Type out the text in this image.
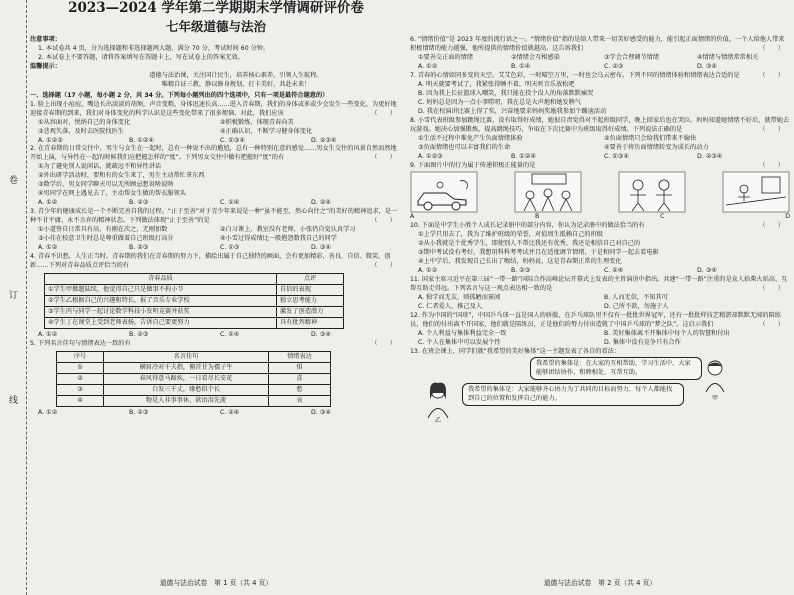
卷
订
线
2023—2024 学年第二学期期末学情调研评价卷
七年级道德与法治

注意事项：

1. 本试卷共 4 页，分为选择题和非选择题两大题，满分 70 分，考试时间 60 分钟。

2. 本试卷上不要答题，请将答案填写在答题卡上，写在试卷上的答案无效。

温馨提示：

道德与法治课，关注国计民生，培养核心素养，引领人生航程。

唯精自证三教，静以修身规划，打卡美好，共赴未来！

一、选择题（17 小题，每小题 2 分，共 34 分。下列每小题列出的四个选项中，只有一项是最符合题意的）

1. 脸上出现小痘痘，嘴边长出淡淡的胡须，声音变粗，身体迅速长高……进入青春期，我们的身体或多或少会发生一些变化。为更好地迎接青春期的到来，我们对身体变化的科学认识是这些变化带来了很多烦恼，对此，我们应该	（　　）

①从容面对，悦纳自己的身体变化	②积极锻炼，体现青春向美
③悲观失落，及时去医院找医生	④正确认识，不断学习健身体变化
A. ①②③	B. ①②④	C. ①③④	D. ②③④

2. 在青春期的日常交往中，男生与女生在一起时，总有一种说不出的尴尬，总有一种特别在意的感觉……男女生交往的风景自然而然地开始上演，与异性在一起的时候我们应把握怎样的“度”。下列男女交往中做有把握好“度”的有	（　　）

①为了避免别人说闲话，就疏远不和异性讲话

②外出研学活动时，要和有的女生来了，男生主动帮忙拿东西

③数学后，男女同学聊天可以无所顾忌想说啥说啥

④男同学在网上遇见去了，主动帮女生做的帮衣服领头

A. ①②	B. ②③	C. ①④	D. ②④

3. 青少年的健康成长是一个不断完善自我的过程。“止于至善”对于青少年来说是一种“虽不能至，然心向往之”的美好的精神追求，是一种不甘平庸、永不言弃的精神状态。下列做法体现“止于至善”的是	（　　）

①小道签自日常具有高，有刚在次之，无刚加数	②白习课上，教室没有老师，小张仍自觉认真学习
③小佳在校意卫生时总是尊重做着自己班级打高分	④小雪过得成绩比一般抱怨数我自己的同学
A. ①②	B. ②③	C. ①③	D. ③④

4. 青春不识愁，人生正当时。青春期的我们在青春期的努力下，描绘出属于自己独特的画面，会有更加精彩，善良、自信、微笑，创新……下列对青春品质点评恰当的有	（　　）

青春品质	点评
①学生甲掀题陆续，他觉得自己只是做事不拘小节	自信的表现
②学生乙根据自己的兴趣和特长，报了音乐专业学校	独立思考能力
③学生丙与同学一起讨论数学科技小发明竞赛并获奖	激发了创造潜力
④学生丁在课堂上受到老师表扬，告诉自己要更努力	具有批判精神
A. ①②	B. ②③	C. ①④	D. ③④

5. 下列名言佳句与情绪表达一致的有	（　　）

序号	名言佳句	情绪表达
①	横眉冷对千夫指，俯首甘为孺子牛	惧
②	春风得意马蹄疾，一日看尽长安花	喜
③	白发三千丈，缘愁似个长	愁
④	物是人非事事休，欲语泪先流	哀
A. ①②	B. ②③	C. ②④	D. ③④
道德与法治试卷　第 1 页（共 4 页）

6. “情绪价值”是 2023 年度的流行语之一。“情绪价值”指的是给人带来一切美好感受的能力，能引起正面情绪的价值。一个人给他人带来积极情绪的能力越强，他所提供的情绪价值就越高。这告诉我们	（　　）

①要善交正面的情绪	②情绪会互相感染	③学会合理调节情绪	④情绪与情绪常常相关
A. ①②	B. ①④	C. ②③	D. ③④

7. 青春的心情如同多变的天空，艾艾色彩，一时晴空万里，一时也会乌云密布。下列不同的情绪体验和情绪表达合适的是	（　　）

A. 明天就要考试了，我紧张得睡不着，明天听音乐放松吧

B. 因为我上长征篮球入嘲笑，我只能在投个没人的角落默默痛哭

C. 妈妈总是因为一点小事唠叨，我在总是大声地和她发脾气

D. 我在校演讲比赛上得了奖，兴奋地要求妈妈奖励我参加个蹦迪活动

8. 小雪代表班级参加跳绳比赛，没有取得好成绩，她很自责觉得对不起班级同学，晚上回家后也在哭泣。妈妈知道她情绪不好后，就带她去玩游戏。她决心加强锻炼，提高跳绳技巧，争取在下次比赛中为班级取得好成绩。下列说法正确的是	（　　）

①生活不过程中难免产生负面情绪体验	②负面情绪只会给我们带来不愉快
③负面情绪也可以丰富我们的生命	④要善于将负面情绪转变为成长的动力
A. ①②③	B. ①②④	C. ①③④	D. ②③④

9. 下面图片中的行为属于传递积极正能量的是	（　　）

A	B	C	D

10. 下面是中学生小胜个人成长记录册中的部分内容，你认为记录册中的做法恰当的有	（　　）

①上学只用去了，我为了维护班级的荣誉，对值周生抵赖自己的班级

②从小我就是个优秀学生，即使别人不帮比我还有优秀，我还是相信自己对自己的

③期中考试没有考好，我想用科科考考试并且在适度调节情绪，于是和同学一起去看电影

④上中学后，我发现自己长出了喉结，妈妈说，这是青春期正常的生理变化

A. ①②	B. ②③	C. ①④	D. ③④

11. 国家主席习近平在第三届“一带一路”国际合作高峰论坛开幕式上发表的主旨演讲中指出，共建“一带一路”注重的是众人拾柴火焰高、互帮互助走得远。下列名言与这一观点表达相一致的是	（　　）

A. 独学而无友，则孤陋而寡闻	B. 人而无信，不知其可
C. 仁者爱人，推己及人	D. 己所不欲，勿施于人

12. 作为中国的“国球”，中国乒乓球一直是国人的骄傲，在乒乓球队里不仅有一批批世界冠军，还有一批批样技艺精湛却默默无闻的陪练员，他们的付出离不开国家，他们就是陪练员，正是他们的努力付出造就了中国乒乓球的“梦之队”。这启示我们	（　　）

A. 个人利益与集体利益完全一致	B. 美好集体离不开集体中每个人的智慧和付出
C. 个人在集体中可以发展个性	D. 集体中没有竞争只有合作

13. 在班会课上，同学们就“我希望的美好集体”这一主题发表了各自的看法：

我希望的集体是：在大家的互相帮助，学习生活中，大家能够团结协作，和睦相处、互帮互助。
我希望的集体是：大家能够齐心协力为了共同的目标而努力，每个人都能找到自己的位置和发挥自己的能力。	甲
乙
道德与法治试卷　第 2 页（共 4 页）
